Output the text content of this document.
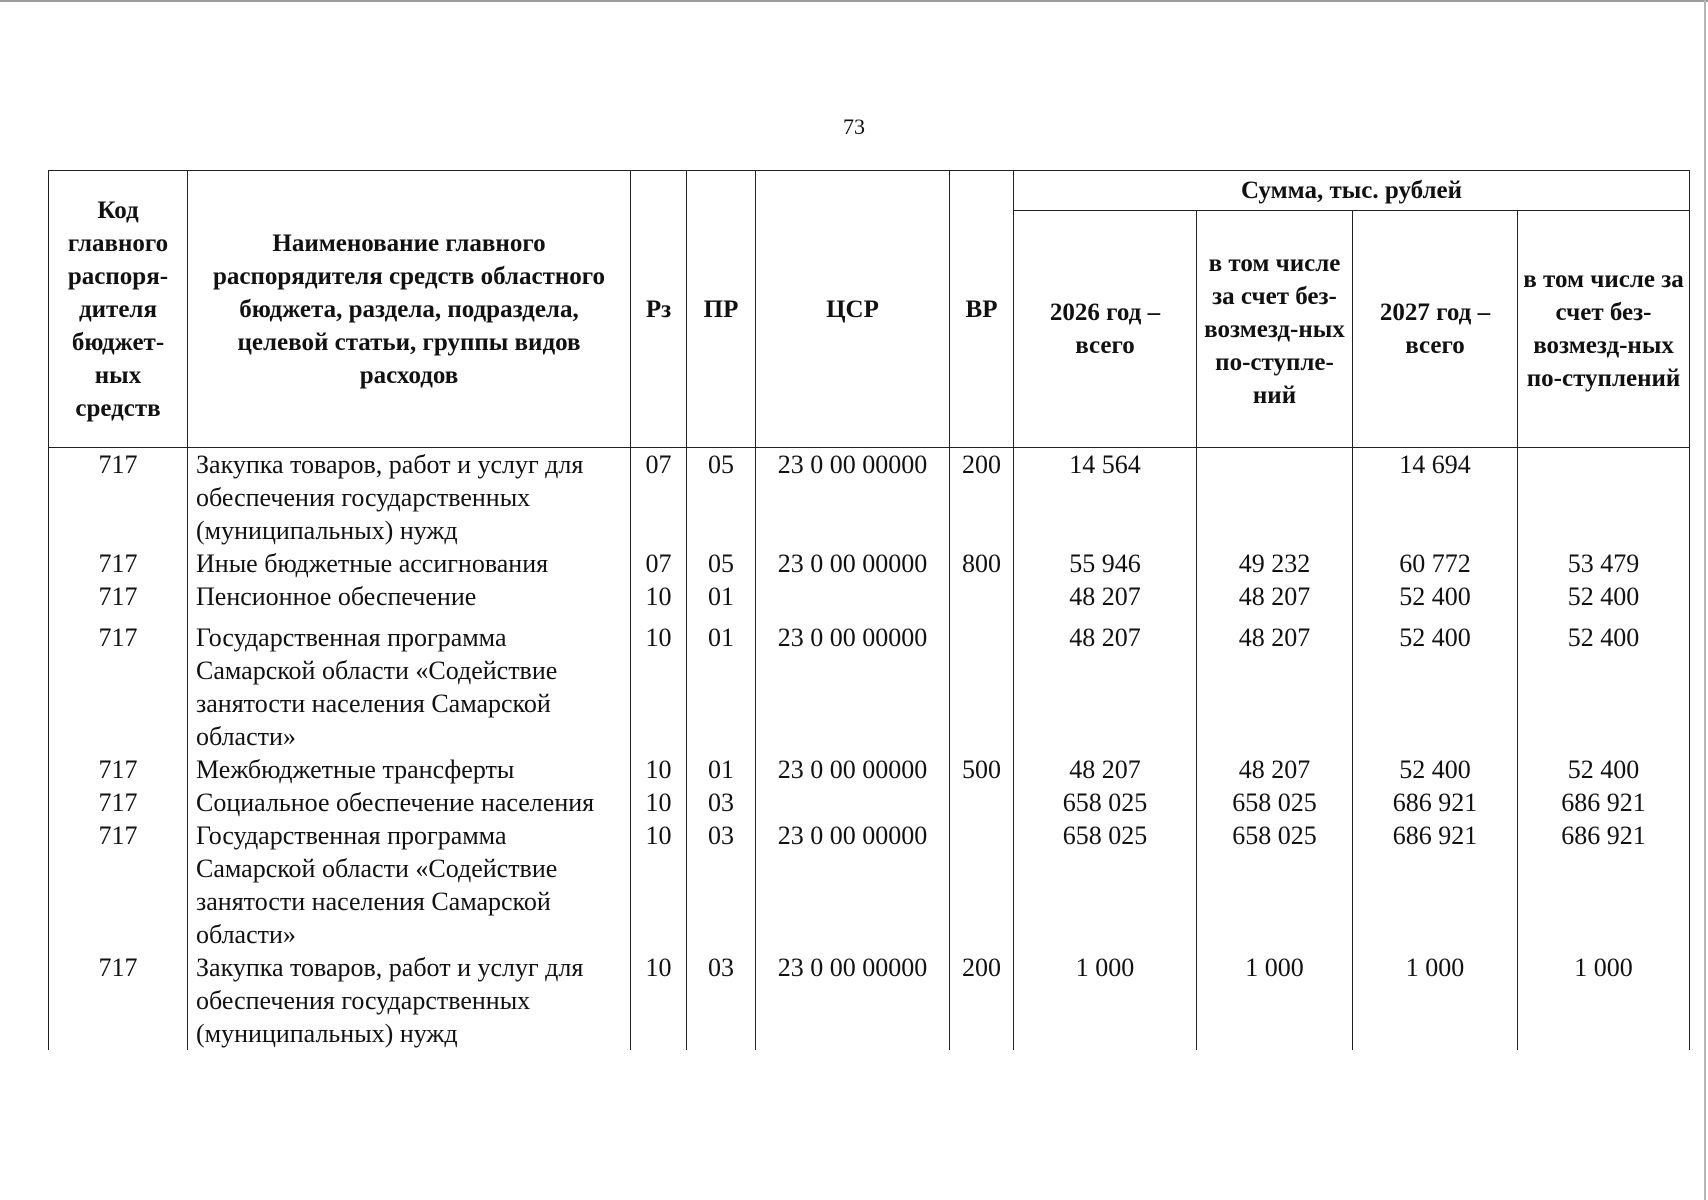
73
Код главного распоря-дителя бюджет-ных средств	Наименование главного распорядителя средств областного бюджета, раздела, подраздела, целевой статьи, группы видов расходов	Рз	ПР	ЦСР	ВР	Сумма, тыс. рублей			
						2026 год – всего	в том числе за счет без-возмезд-ных по-ступле-ний	2027 год – всего	в том числе за счет без-возмезд-ных по-ступлений
717	Закупка товаров, работ и услуг для обеспечения государственных (муниципальных) нужд	07	05	23 0 00 00000	200	14 564		14 694	
717	Иные бюджетные ассигнования	07	05	23 0 00 00000	800	55 946	49 232	60 772	53 479
717	Пенсионное обеспечение	10	01			48 207	48 207	52 400	52 400
717	Государственная программа Самарской области «Содействие занятости населения Самарской области»	10	01	23 0 00 00000		48 207	48 207	52 400	52 400
717	Межбюджетные трансферты	10	01	23 0 00 00000	500	48 207	48 207	52 400	52 400
717	Социальное обеспечение населения	10	03			658 025	658 025	686 921	686 921
717	Государственная программа Самарской области «Содействие занятости населения Самарской области»	10	03	23 0 00 00000		658 025	658 025	686 921	686 921
717	Закупка товаров, работ и услуг для обеспечения государственных (муниципальных) нужд	10	03	23 0 00 00000	200	1 000	1 000	1 000	1 000
